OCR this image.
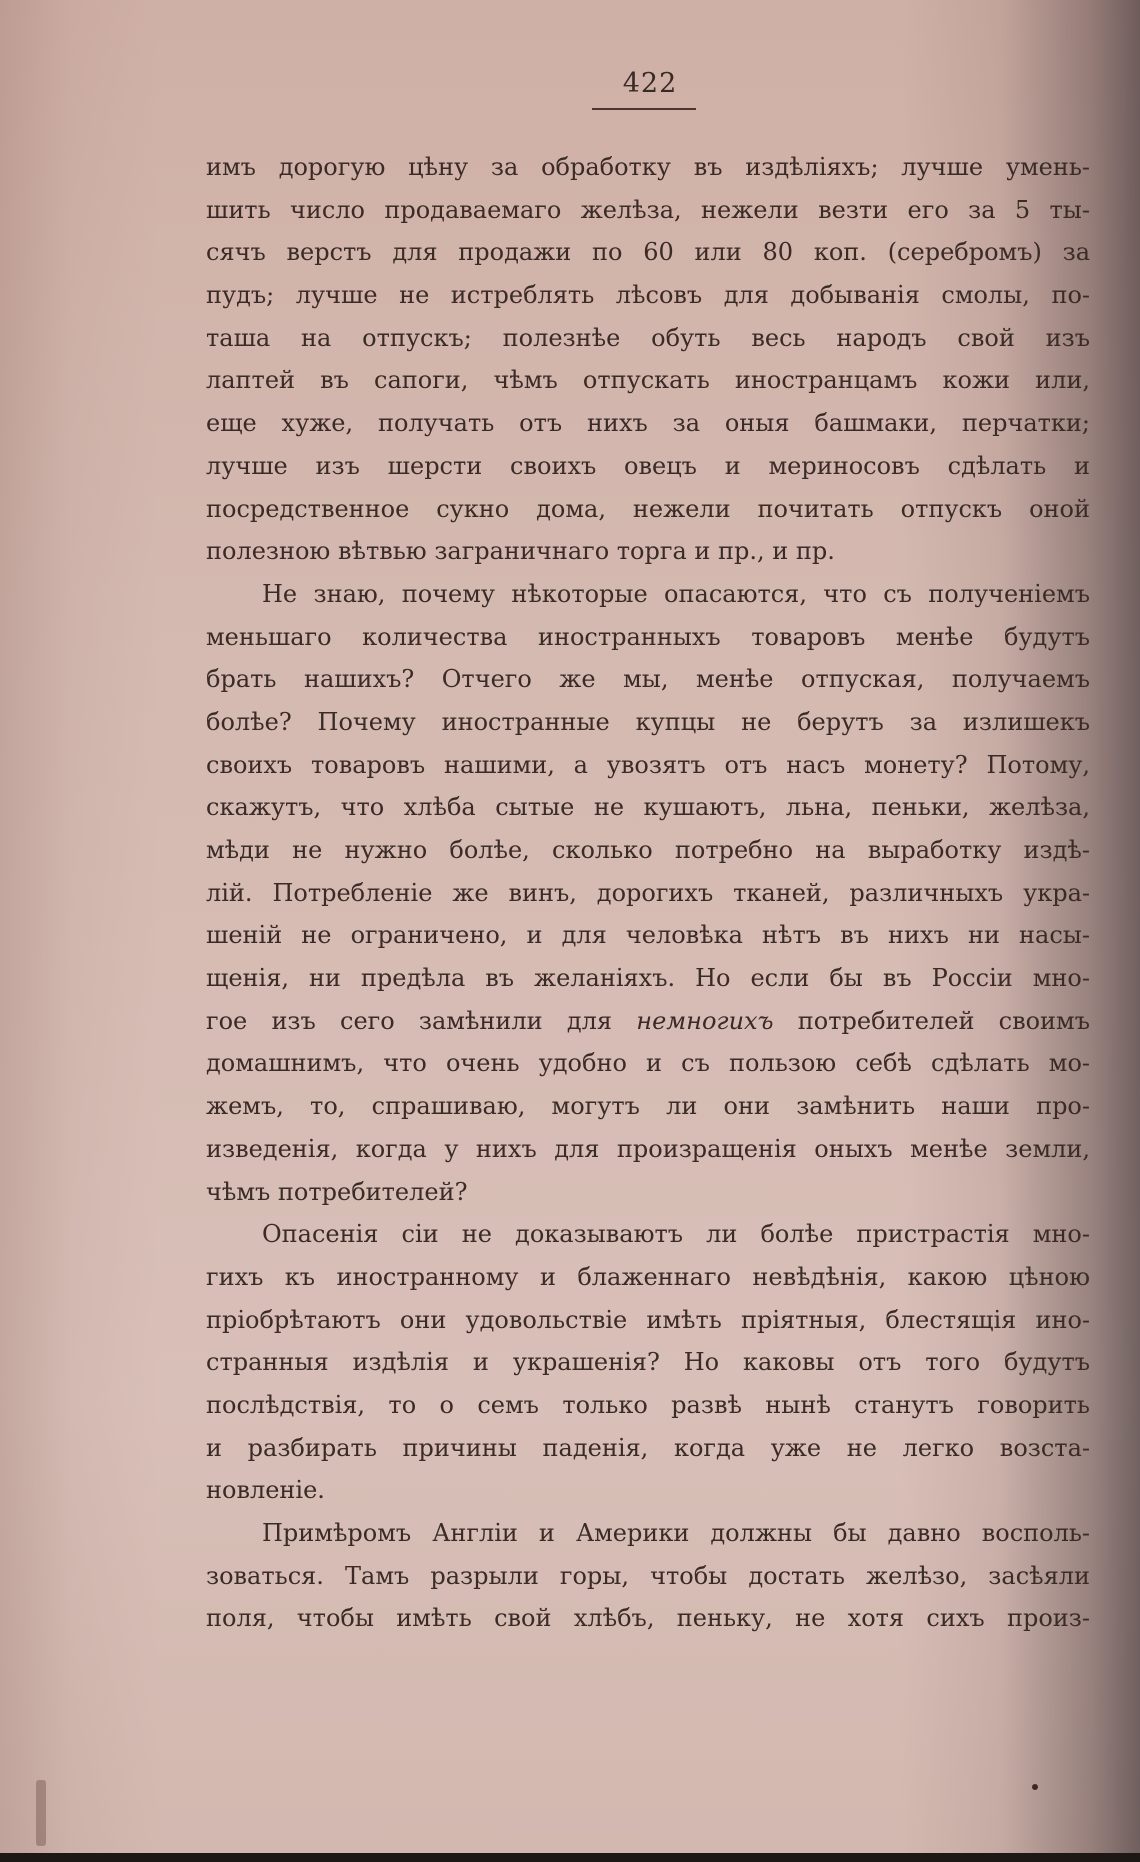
422
имъ дорогую цѣну за обработку въ издѣліяхъ; лучше умень-
шить число продаваемаго желѣза, нежели везти его за 5 ты-
сячъ верстъ для продажи по 60 или 80 коп. (серебромъ) за
пудъ; лучше не истреблять лѣсовъ для добыванія смолы, по-
таша на отпускъ; полезнѣе обуть весь народъ свой изъ
лаптей въ сапоги, чѣмъ отпускать иностранцамъ кожи или,
еще хуже, получать отъ нихъ за оныя башмаки, перчатки;
лучше изъ шерсти своихъ овецъ и мериносовъ сдѣлать и
посредственное сукно дома, нежели почитать отпускъ оной
полезною вѣтвью заграничнаго торга и пр., и пр.
Не знаю, почему нѣкоторые опасаются, что съ полученіемъ
меньшаго количества иностранныхъ товаровъ менѣе будутъ
брать нашихъ? Отчего же мы, менѣе отпуская, получаемъ
болѣе? Почему иностранные купцы не берутъ за излишекъ
своихъ товаровъ нашими, а увозятъ отъ насъ монету? Потому,
скажутъ, что хлѣба сытые не кушаютъ, льна, пеньки, желѣза,
мѣди не нужно болѣе, сколько потребно на выработку издѣ-
лій. Потребленіе же винъ, дорогихъ тканей, различныхъ укра-
шеній не ограничено, и для человѣка нѣтъ въ нихъ ни насы-
щенія, ни предѣла въ желаніяхъ. Но если бы въ Россіи мно-
гое изъ сего замѣнили для немногихъ потребителей своимъ
домашнимъ, что очень удобно и съ пользою себѣ сдѣлать мо-
жемъ, то, спрашиваю, могутъ ли они замѣнить наши про-
изведенія, когда у нихъ для произращенія оныхъ менѣе земли,
чѣмъ потребителей?
Опасенія сіи не доказываютъ ли болѣе пристрастія мно-
гихъ къ иностранному и блаженнаго невѣдѣнія, какою цѣною
пріобрѣтаютъ они удовольствіе имѣть пріятныя, блестящія ино-
странныя издѣлія и украшенія? Но каковы отъ того будутъ
послѣдствія, то о семъ только развѣ нынѣ станутъ говорить
и разбирать причины паденія, когда уже не легко возста-
новленіе.
Примѣромъ Англіи и Америки должны бы давно восполь-
зоваться. Тамъ разрыли горы, чтобы достать желѣзо, засѣяли
поля, чтобы имѣть свой хлѣбъ, пеньку, не хотя сихъ произ-
